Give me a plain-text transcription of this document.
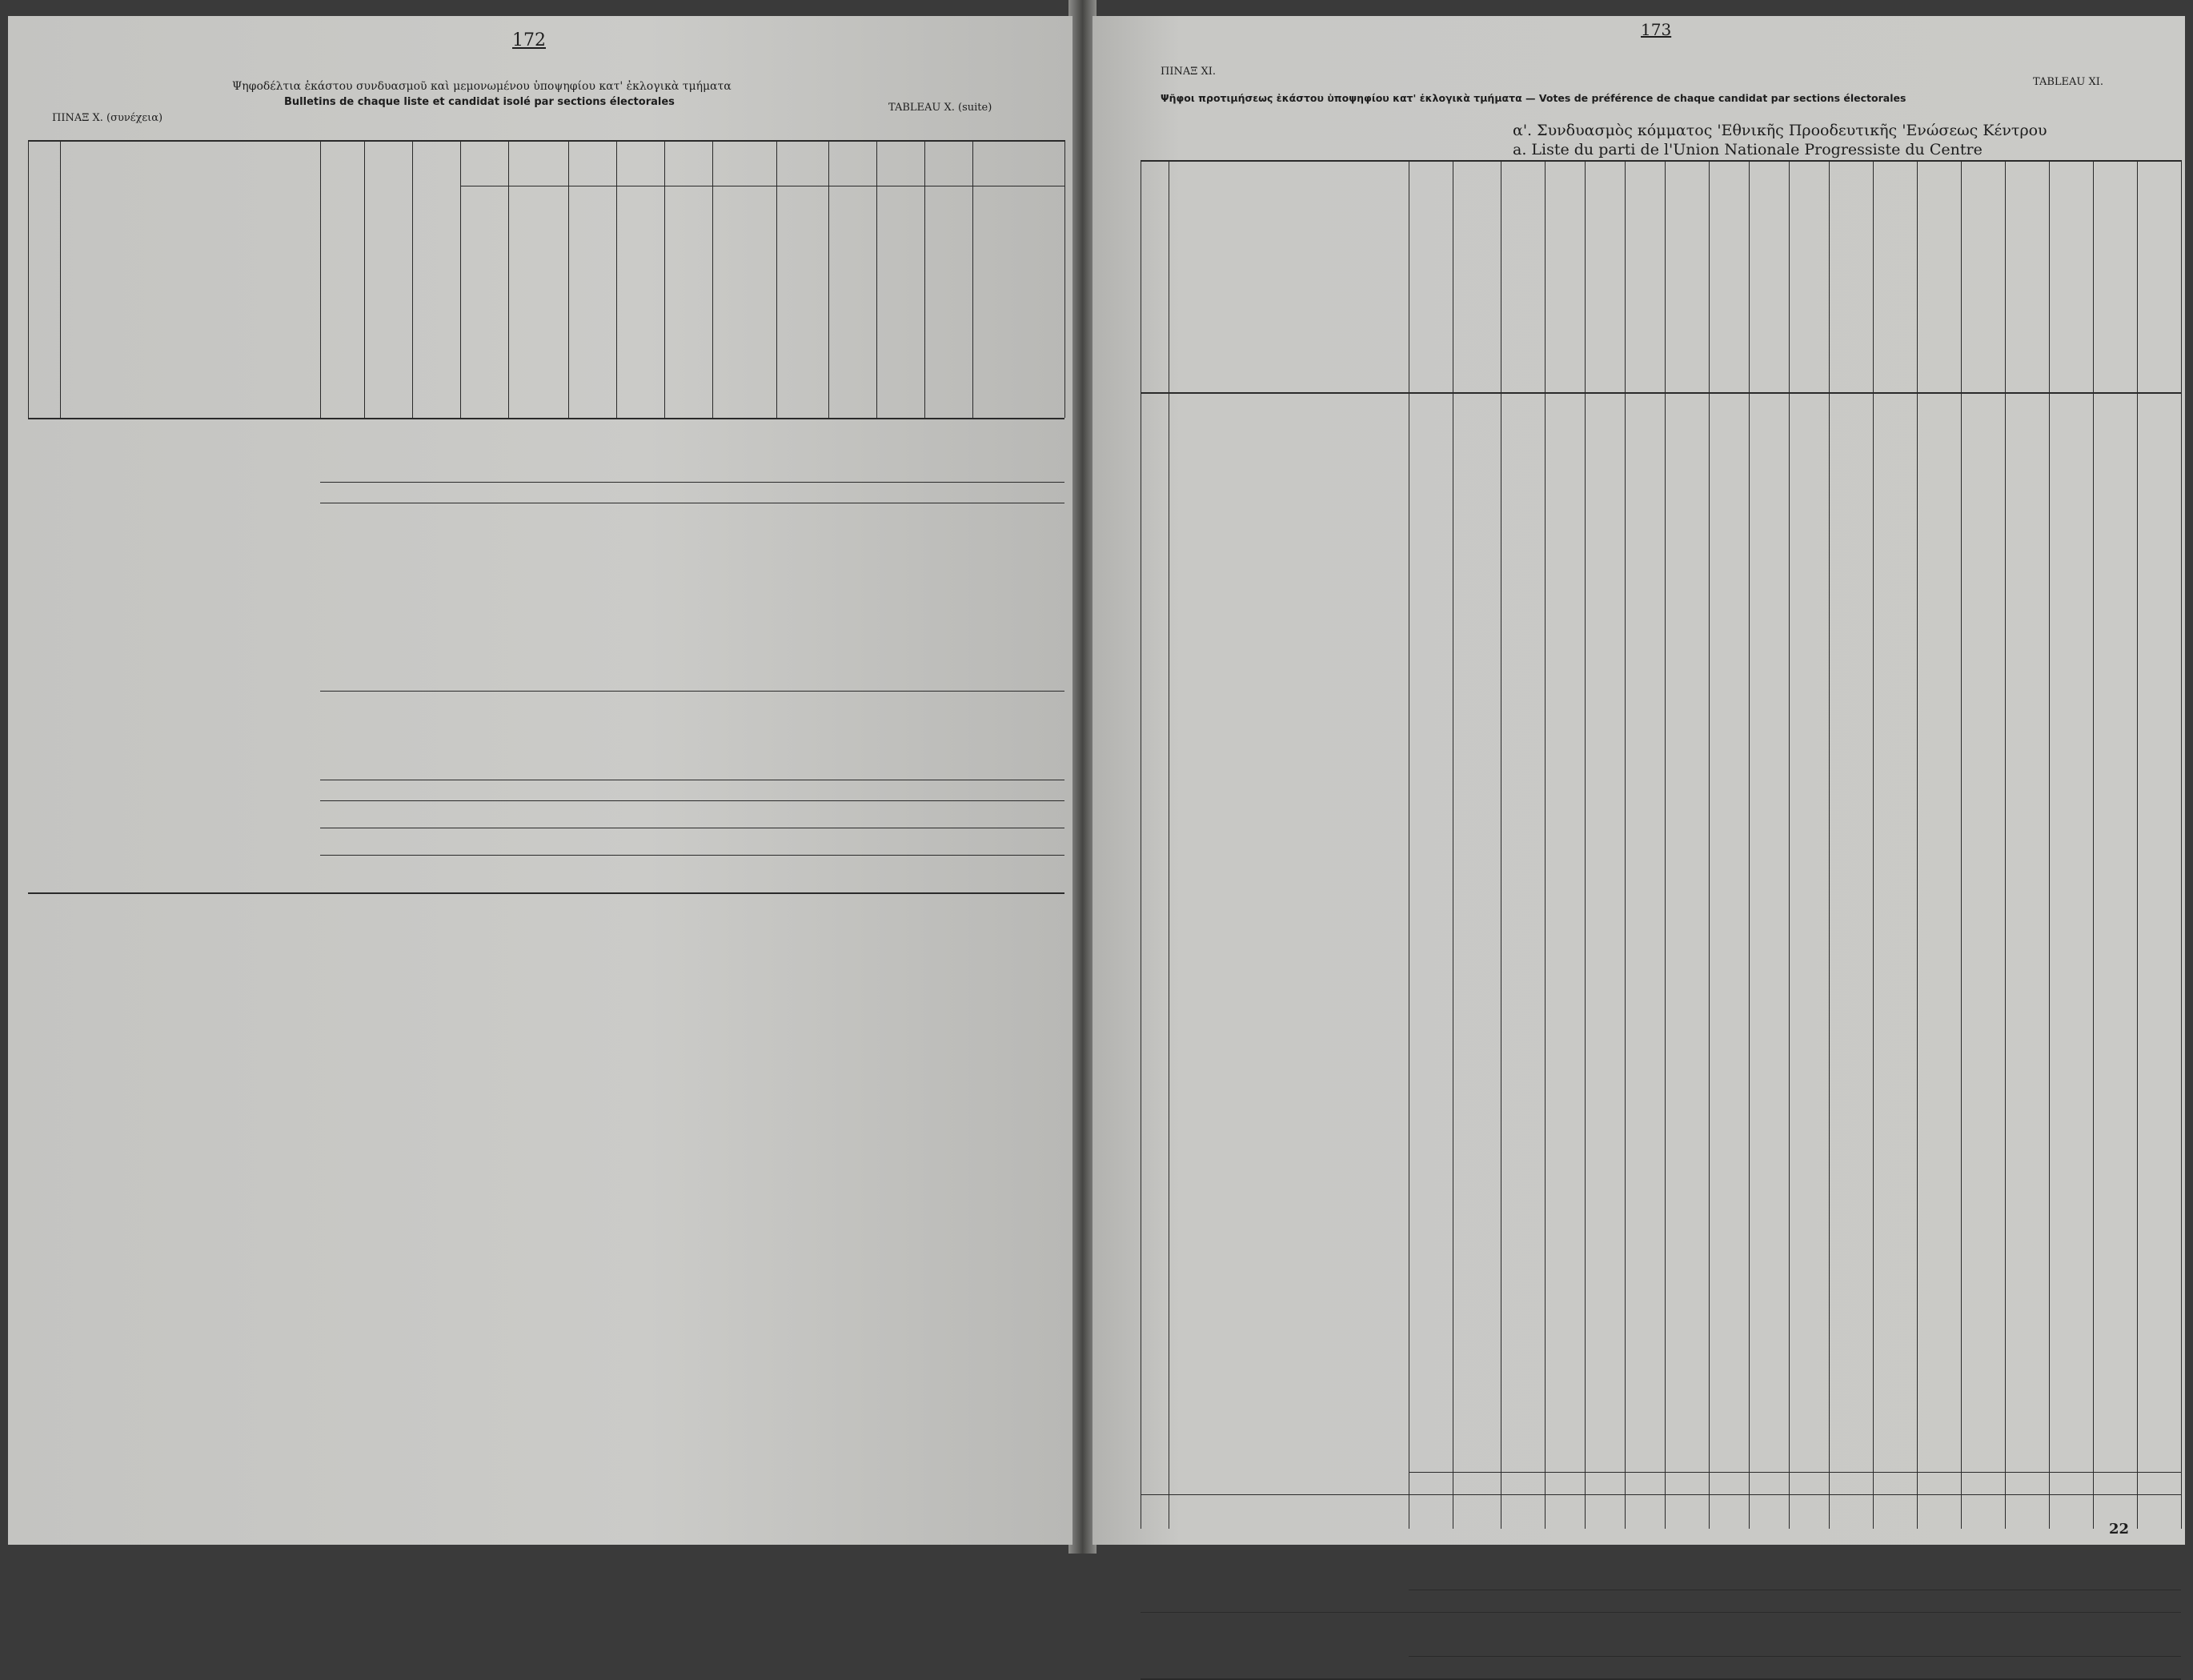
172
Ψηφοδέλτια ἑκάστου συνδυασμοῦ καὶ μεμονωμένου ὑποψηφίου κατ' ἐκλογικὰ τμήματα
Bulletins de chaque liste et candidat isolé par sections électorales
ΠΙΝΑΞ Χ. (συνέχεια)
TABLEAU X. (suite)
173
ΠΙΝΑΞ XI.
TABLEAU XI.
Ψῆφοι προτιμήσεως ἑκάστου ὑποψηφίου κατ' ἐκλογικὰ τμήματα — Votes de préférence de chaque candidat par sections électorales
α'. Συνδυασμὸς κόμματος 'Εθνικῆς Προοδευτικῆς 'Ενώσεως Κέντρου
a. Liste du parti de l'Union Nationale Progressiste du Centre
22
